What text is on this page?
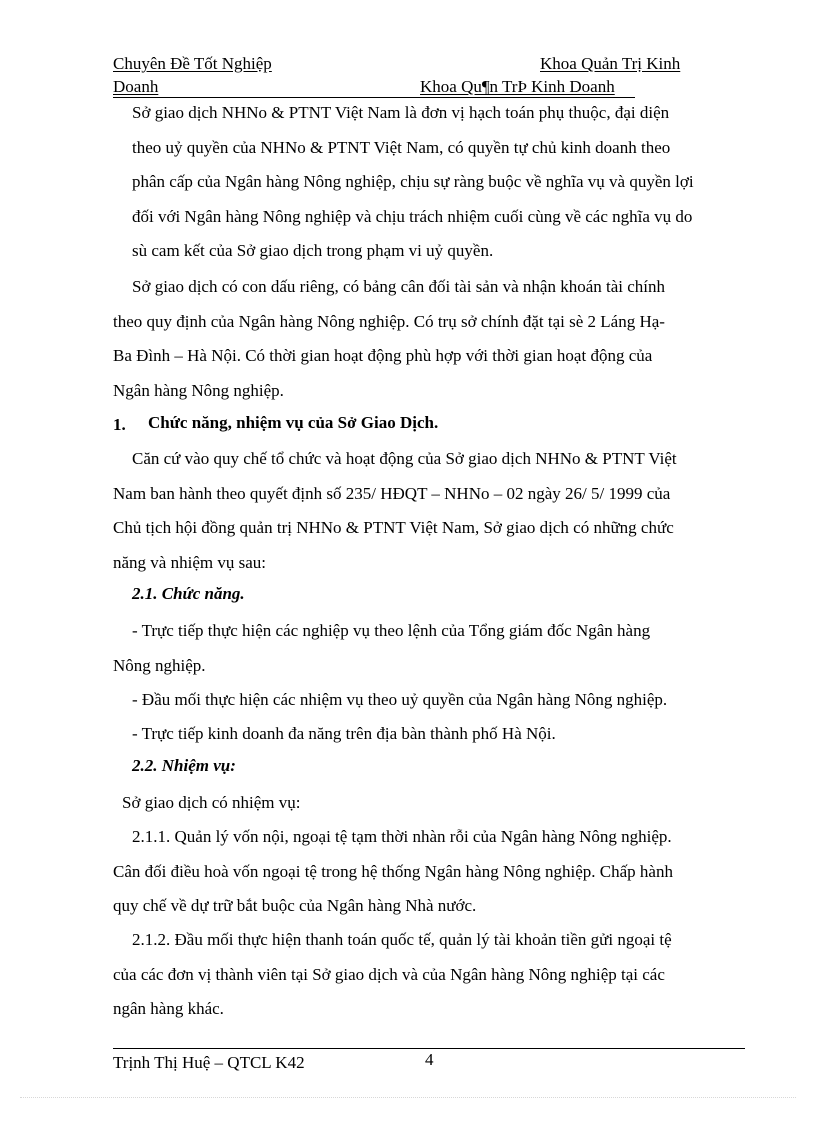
Chuyên Đề Tốt Nghiệp	Khoa Quản Trị Kinh
Doanh	Khoa Qu¶n TrÞ Kinh Doanh
Sở giao dịch NHNo & PTNT Việt Nam là đơn vị hạch toán phụ thuộc, đại diện
theo uỷ quyền của NHNo & PTNT Việt Nam, có quyền tự chủ kinh doanh theo
phân cấp của Ngân hàng Nông nghiệp, chịu sự ràng buộc về nghĩa vụ và quyền lợi
đối với Ngân hàng Nông nghiệp và chịu trách nhiệm cuối cùng về các nghĩa vụ do
sù cam kết của Sở giao dịch trong phạm vi uỷ quyền.
Sở giao dịch có con dấu riêng, có bảng cân đối tài sản và nhận khoán tài chính
theo quy định của Ngân hàng Nông nghiệp. Có trụ sở chính đặt tại sè 2 Láng Hạ-
Ba Đình – Hà Nội. Có thời gian hoạt động phù hợp với thời gian hoạt động của
Ngân hàng Nông nghiệp.
1. Chức năng, nhiệm vụ của Sở Giao Dịch.
Căn cứ vào quy chế tổ chức và hoạt động của Sở giao dịch NHNo & PTNT Việt
Nam ban hành theo quyết định số 235/ HĐQT – NHNo – 02 ngày 26/ 5/ 1999 của
Chủ tịch hội đồng quản trị NHNo & PTNT Việt Nam, Sở giao dịch có những chức
năng và nhiệm vụ sau:
2.1. Chức năng.
- Trực tiếp thực hiện các nghiệp vụ theo lệnh của Tổng giám đốc Ngân hàng
Nông nghiệp.
- Đầu mối thực hiện các nhiệm vụ theo uỷ quyền của Ngân hàng Nông nghiệp.
- Trực tiếp kinh doanh đa năng trên địa bàn thành phố Hà Nội.
2.2. Nhiệm vụ:
Sở giao dịch có nhiệm vụ:
2.1.1. Quản lý vốn nội, ngoại tệ tạm thời nhàn rỗi của Ngân hàng Nông nghiệp.
Cân đối điều hoà vốn ngoại tệ trong hệ thống Ngân hàng Nông nghiệp. Chấp hành
quy chế về dự trữ bắt buộc của Ngân hàng Nhà nước.
2.1.2. Đầu mối thực hiện thanh toán quốc tế, quản lý tài khoản tiền gửi ngoại tệ
của các đơn vị thành viên tại Sở giao dịch và của Ngân hàng Nông nghiệp tại các
ngân hàng khác.
Trịnh Thị Huệ – QTCL K42	4
